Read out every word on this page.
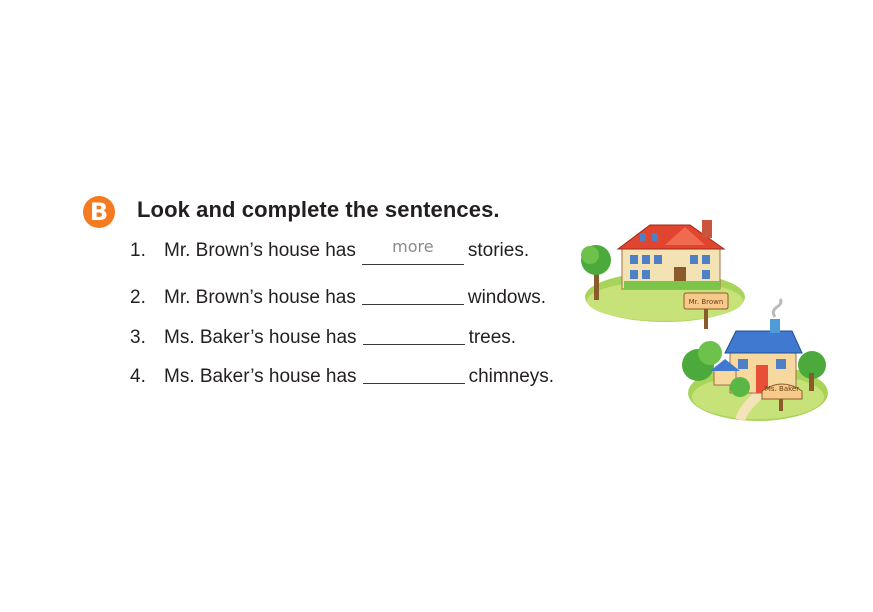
B	Look and complete the sentences.
1. Mr. Brown’s house has $^{more}$ stories.
2. Mr. Brown’s house has	windows.
3. Ms. Baker’s house has	trees.
4. Ms. Baker’s house has	chimneys.
Mr. Brown
Ms. Baker
